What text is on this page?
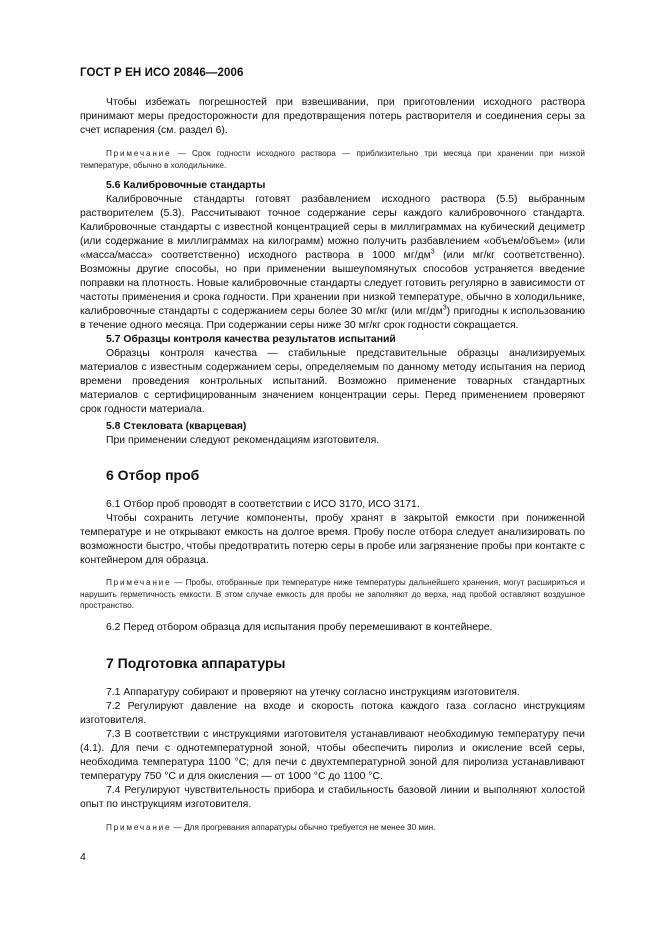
ГОСТ Р ЕН ИСО 20846—2006

Чтобы избежать погрешностей при взвешивании, при приготовлении исходного раствора принимают меры предосторожности для предотвращения потерь растворителя и соединения серы за счет испарения (см. раздел 6).

Примечание — Срок годности исходного раствора — приблизительно три месяца при хранении при низкой температуре, обычно в холодильнике.

5.6 Калибровочные стандарты

Калибровочные стандарты готовят разбавлением исходного раствора (5.5) выбранным растворителем (5.3). Рассчитывают точное содержание серы каждого калибровочного стандарта. Калибровочные стандарты с известной концентрацией серы в миллиграммах на кубический дециметр (или содержание в миллиграммах на килограмм) можно получить разбавлением «объем/объем» (или «масса/масса» соответственно) исходного раствора в 1000 $мг/дм^3$ (или мг/кг соответственно). Возможны другие способы, но при применении вышеупомянутых способов устраняется введение поправки на плотность. Новые калибровочные стандарты следует готовить регулярно в зависимости от частоты применения и срока годности. При хранении при низкой температуре, обычно в холодильнике, калибровочные стандарты с содержанием серы более 30 мг/кг (или $мг/дм^3$) пригодны к использованию в течение одного месяца. При содержании серы ниже 30 мг/кг срок годности сокращается.

5.7 Образцы контроля качества результатов испытаний

Образцы контроля качества — стабильные представительные образцы анализируемых материалов с известным содержанием серы, определяемым по данному методу испытания на период времени проведения контрольных испытаний. Возможно применение товарных стандартных материалов с сертифицированным значением концентрации серы. Перед применением проверяют срок годности материала.

5.8 Стекловата (кварцевая)

При применении следуют рекомендациям изготовителя.

6 Отбор проб

6.1 Отбор проб проводят в соответствии с ИСО 3170, ИСО 3171.

Чтобы сохранить летучие компоненты, пробу хранят в закрытой емкости при пониженной температуре и не открывают емкость на долгое время. Пробу после отбора следует анализировать по возможности быстро, чтобы предотвратить потерю серы в пробе или загрязнение пробы при контакте с контейнером для образца.

Примечание — Пробы, отобранные при температуре ниже температуры дальнейшего хранения, могут расшириться и нарушить герметичность емкости. В этом случае емкость для пробы не заполняют до верха, над пробой оставляют воздушное пространство.

6.2 Перед отбором образца для испытания пробу перемешивают в контейнере.

7 Подготовка аппаратуры

7.1 Аппаратуру собирают и проверяют на утечку согласно инструкциям изготовителя.

7.2 Регулируют давление на входе и скорость потока каждого газа согласно инструкциям изготовителя.

7.3 В соответствии с инструкциями изготовителя устанавливают необходимую температуру печи (4.1). Для печи с однотемпературной зоной, чтобы обеспечить пиролиз и окисление всей серы, необходима температура 1100 °С; для печи с двухтемпературной зоной для пиролиза устанавливают температуру 750 °С и для окисления — от 1000 °С до 1100 °С.

7.4 Регулируют чувствительность прибора и стабильность базовой линии и выполняют холостой опыт по инструкциям изготовителя.

Примечание — Для прогревания аппаратуры обычно требуется не менее 30 мин.

4
